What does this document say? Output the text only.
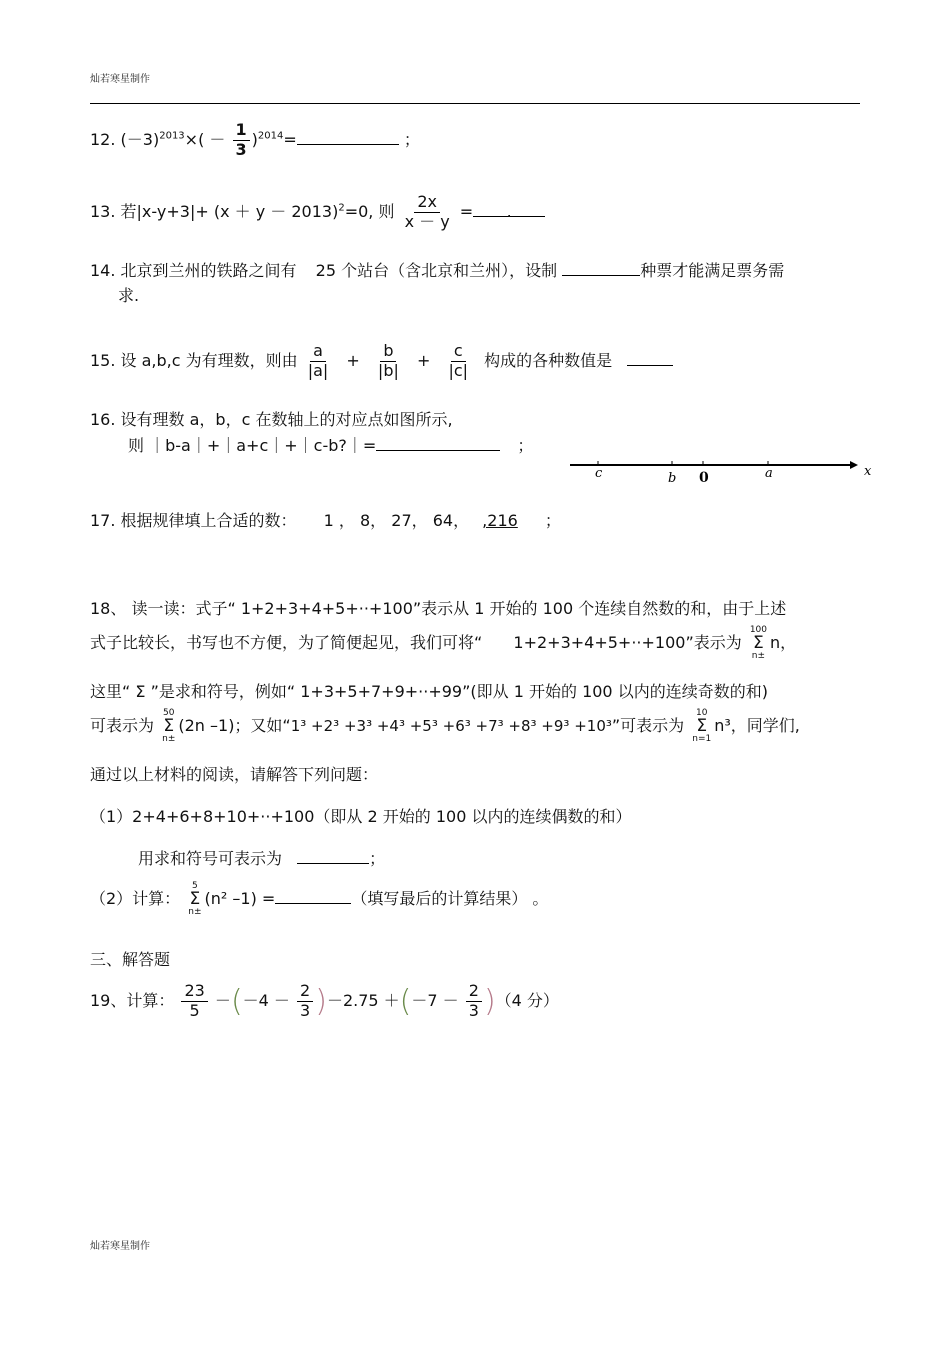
灿若寒星制作
12. $(-3)^{2013}\times( - \frac{1}{3} )^{2014}=$	；
13. 若$|x-y+3|+ (x + y - 2013)^2=0$, 则 $\frac{2x}{x - y}$ = .
14. 北京到兰州的铁路之间有 25 个站台（含北京和兰州），设制	种票才能满足票务需
求.
15. 设 a,b,c 为有理数，则由 $\frac{a}{|a|} + \frac{b}{|b|} + \frac{c}{|c|}$ 构成的各种数值是
16. 设有理数 a，b，c 在数轴上的对应点如图所示,
则 ｜b-a｜+｜a+c｜+｜c-b?｜=	；
c	b 0	a	x
17. 根据规律填上合适的数： 1 ， 8， 27， 64， ,216 ；
18、 读一读：式子“ 1+2+3+4+5+··+100”表示从 1 开始的 100 个连续自然数的和，由于上述
式子比较长，书写也不方便，为了简便起见，我们可将“ 1+2+3+4+5+··+100”表示为
100
Σ
n±
n，
这里“ Σ ”是求和符号，例如“ 1+3+5+7+9+··+99”(即从 1 开始的 100 以内的连续奇数的和)
可表示为
50
Σ
n±
(2n –1)；又如“1³ +2³ +3³ +4³ +5³ +6³ +7³ +8³ +9³ +10³”可表示为
10
Σ
n=1
n³，同学们,
通过以上材料的阅读，请解答下列问题：
（1）2+4+6+8+10+··+100（即从 2 开始的 100 以内的连续偶数的和）
用求和符号可表示为	；
（2）计算：
5
Σ
n±
(n² –1) =	（填写最后的计算结果） 。
三、解答题
19、计算： $\frac{23}{5} -(-4 - \frac{2}{3} )-2.75 +(-7 - \frac{2}{3} )(4$ 分）
灿若寒星制作
